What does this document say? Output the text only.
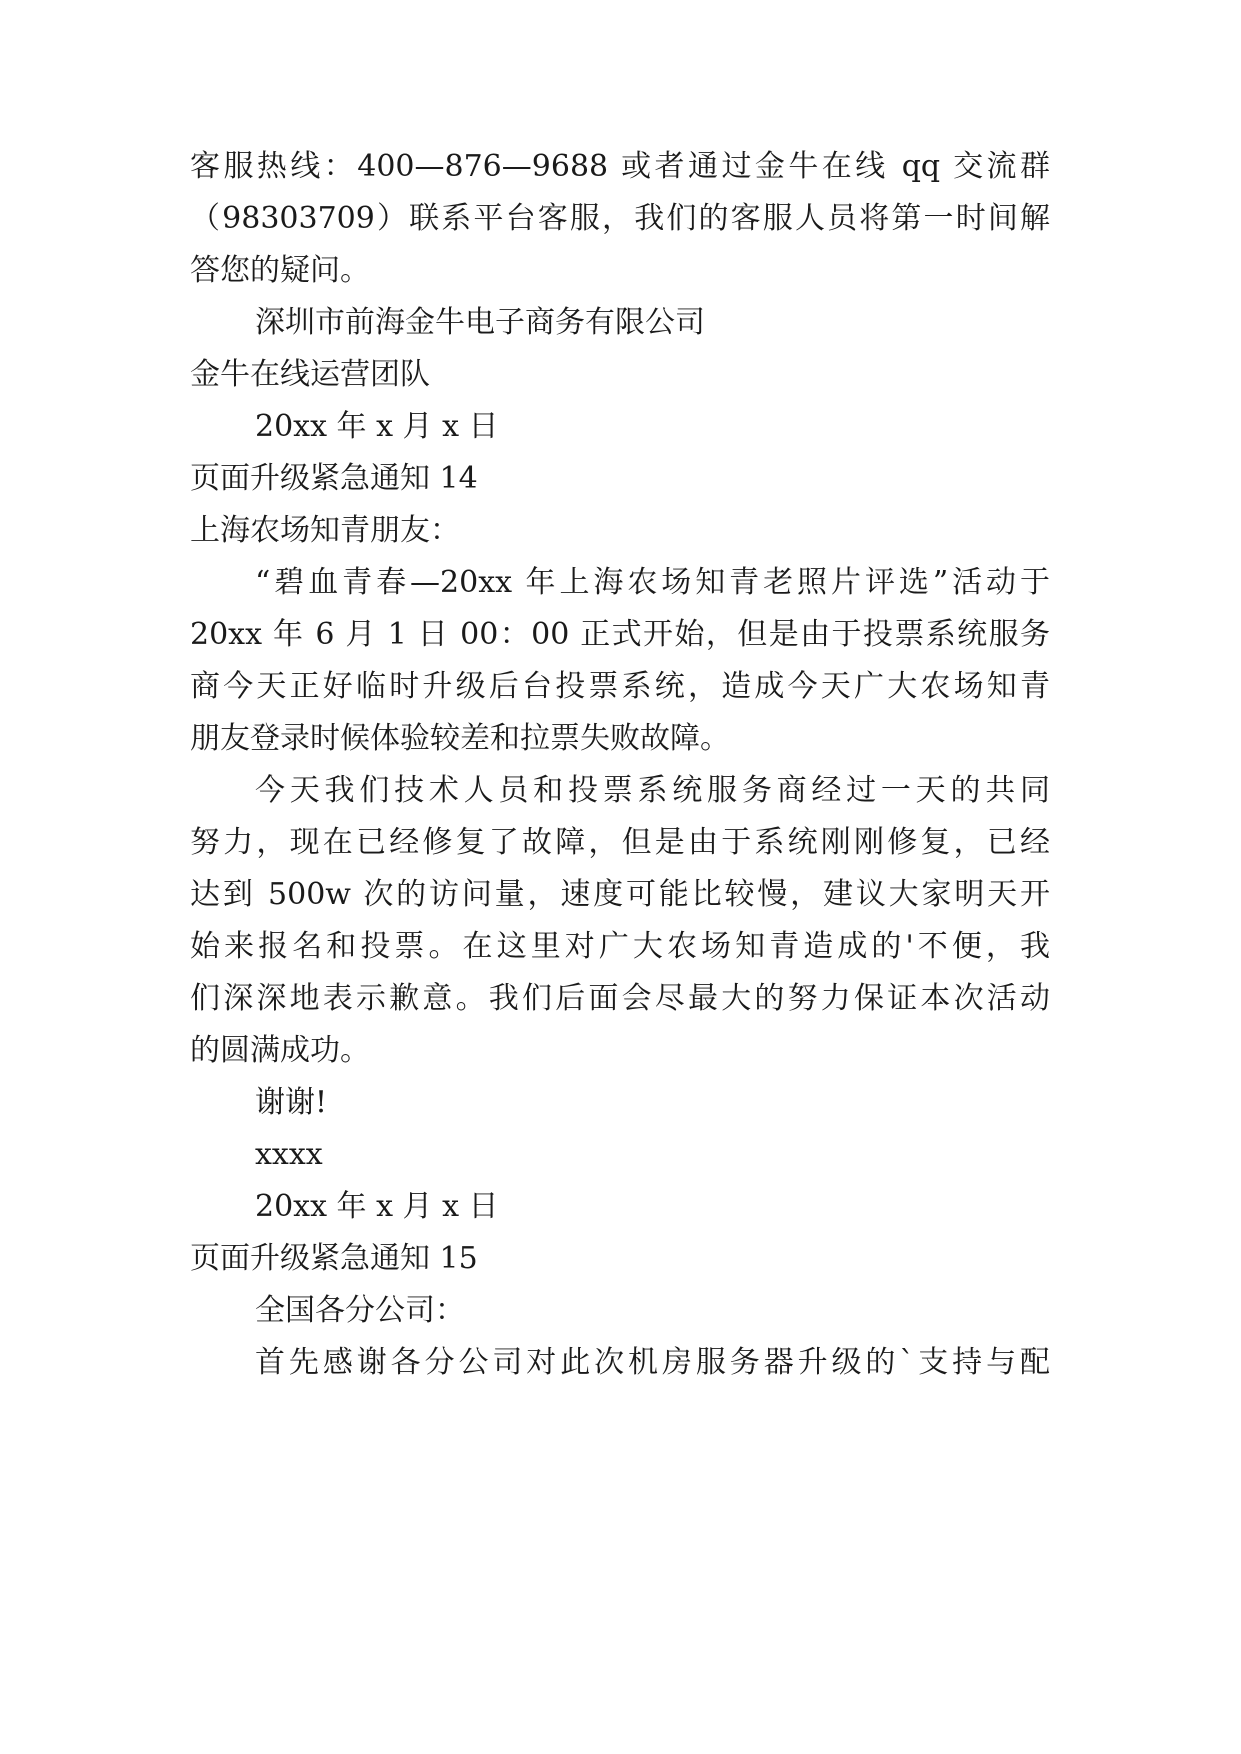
客服热线：400—876—9688 或者通过金牛在线 qq 交流群

（98303709）联系平台客服，我们的客服人员将第一时间解

答您的疑问。

深圳市前海金牛电子商务有限公司

金牛在线运营团队

20xx 年 x 月 x 日

页面升级紧急通知 14

上海农场知青朋友：

“碧血青春—20xx 年上海农场知青老照片评选”活动于

20xx 年 6 月 1 日 00：00 正式开始，但是由于投票系统服务

商今天正好临时升级后台投票系统，造成今天广大农场知青

朋友登录时候体验较差和拉票失败故障。

今天我们技术人员和投票系统服务商经过一天的共同

努力，现在已经修复了故障，但是由于系统刚刚修复，已经

达到 500w 次的访问量，速度可能比较慢，建议大家明天开

始来报名和投票。在这里对广大农场知青造成的'不便，我

们深深地表示歉意。我们后面会尽最大的努力保证本次活动

的圆满成功。

谢谢!

xxxx

20xx 年 x 月 x 日

页面升级紧急通知 15

全国各分公司：

首先感谢各分公司对此次机房服务器升级的`支持与配
